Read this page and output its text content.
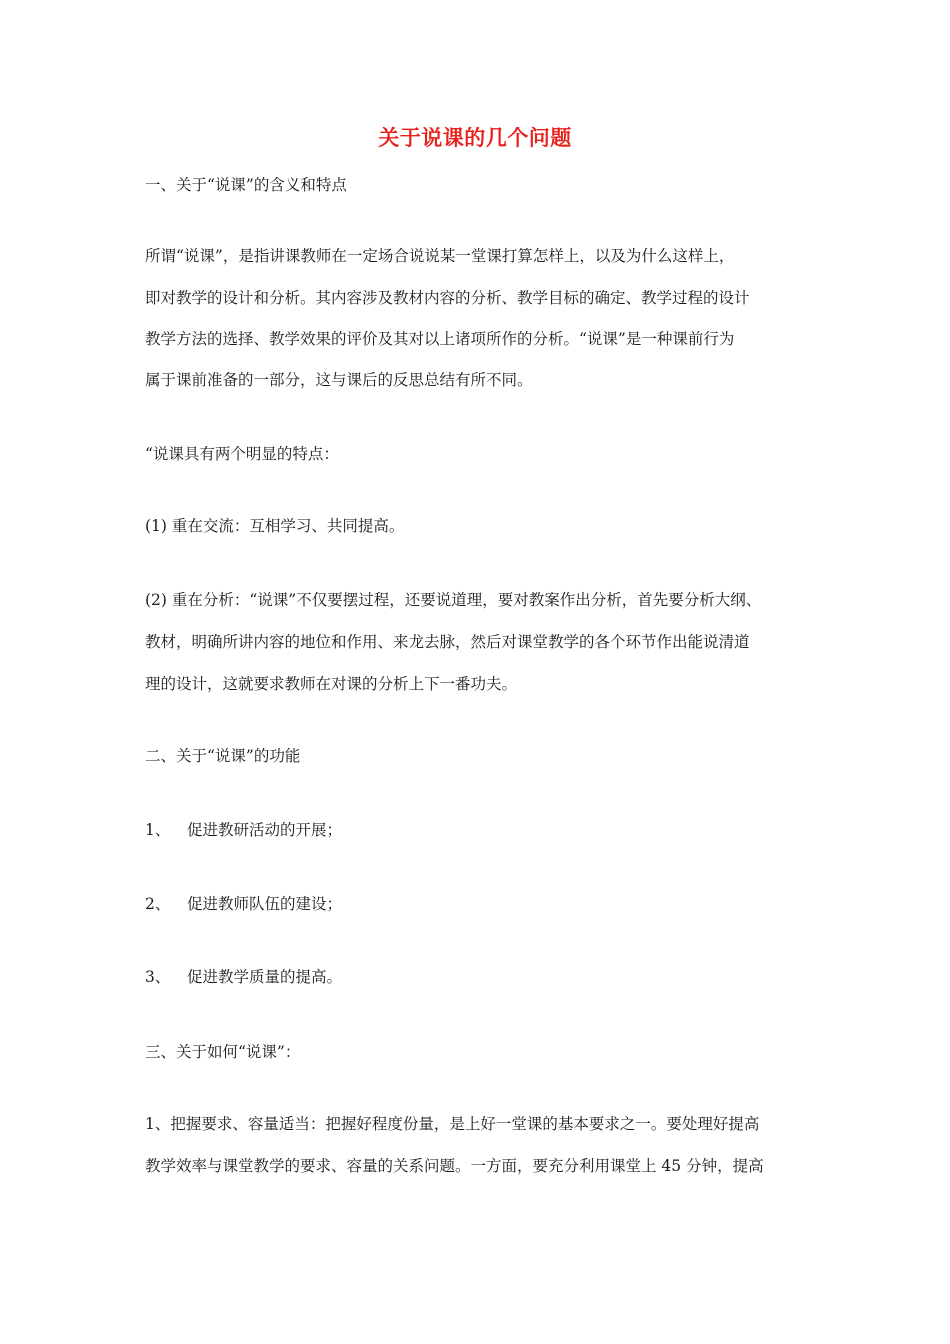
关于说课的几个问题
一、关于“说课”的含义和特点
所谓“说课”，是指讲课教师在一定场合说说某一堂课打算怎样上，以及为什么这样上，
即对教学的设计和分析。其内容涉及教材内容的分析、教学目标的确定、教学过程的设计
教学方法的选择、教学效果的评价及其对以上诸项所作的分析。“说课”是一种课前行为
属于课前准备的一部分，这与课后的反思总结有所不同。
“说课具有两个明显的特点：
(1) 重在交流：互相学习、共同提高。
(2) 重在分析：“说课”不仅要摆过程，还要说道理，要对教案作出分析，首先要分析大纲、
教材，明确所讲内容的地位和作用、来龙去脉，然后对课堂教学的各个环节作出能说清道
理的设计，这就要求教师在对课的分析上下一番功夫。
二、关于“说课”的功能
1、 促进教研活动的开展；
2、 促进教师队伍的建设；
3、 促进教学质量的提高。
三、关于如何“说课”：
1、把握要求、容量适当：把握好程度份量，是上好一堂课的基本要求之一。要处理好提高
教学效率与课堂教学的要求、容量的关系问题。一方面，要充分利用课堂上 45 分钟，提高
